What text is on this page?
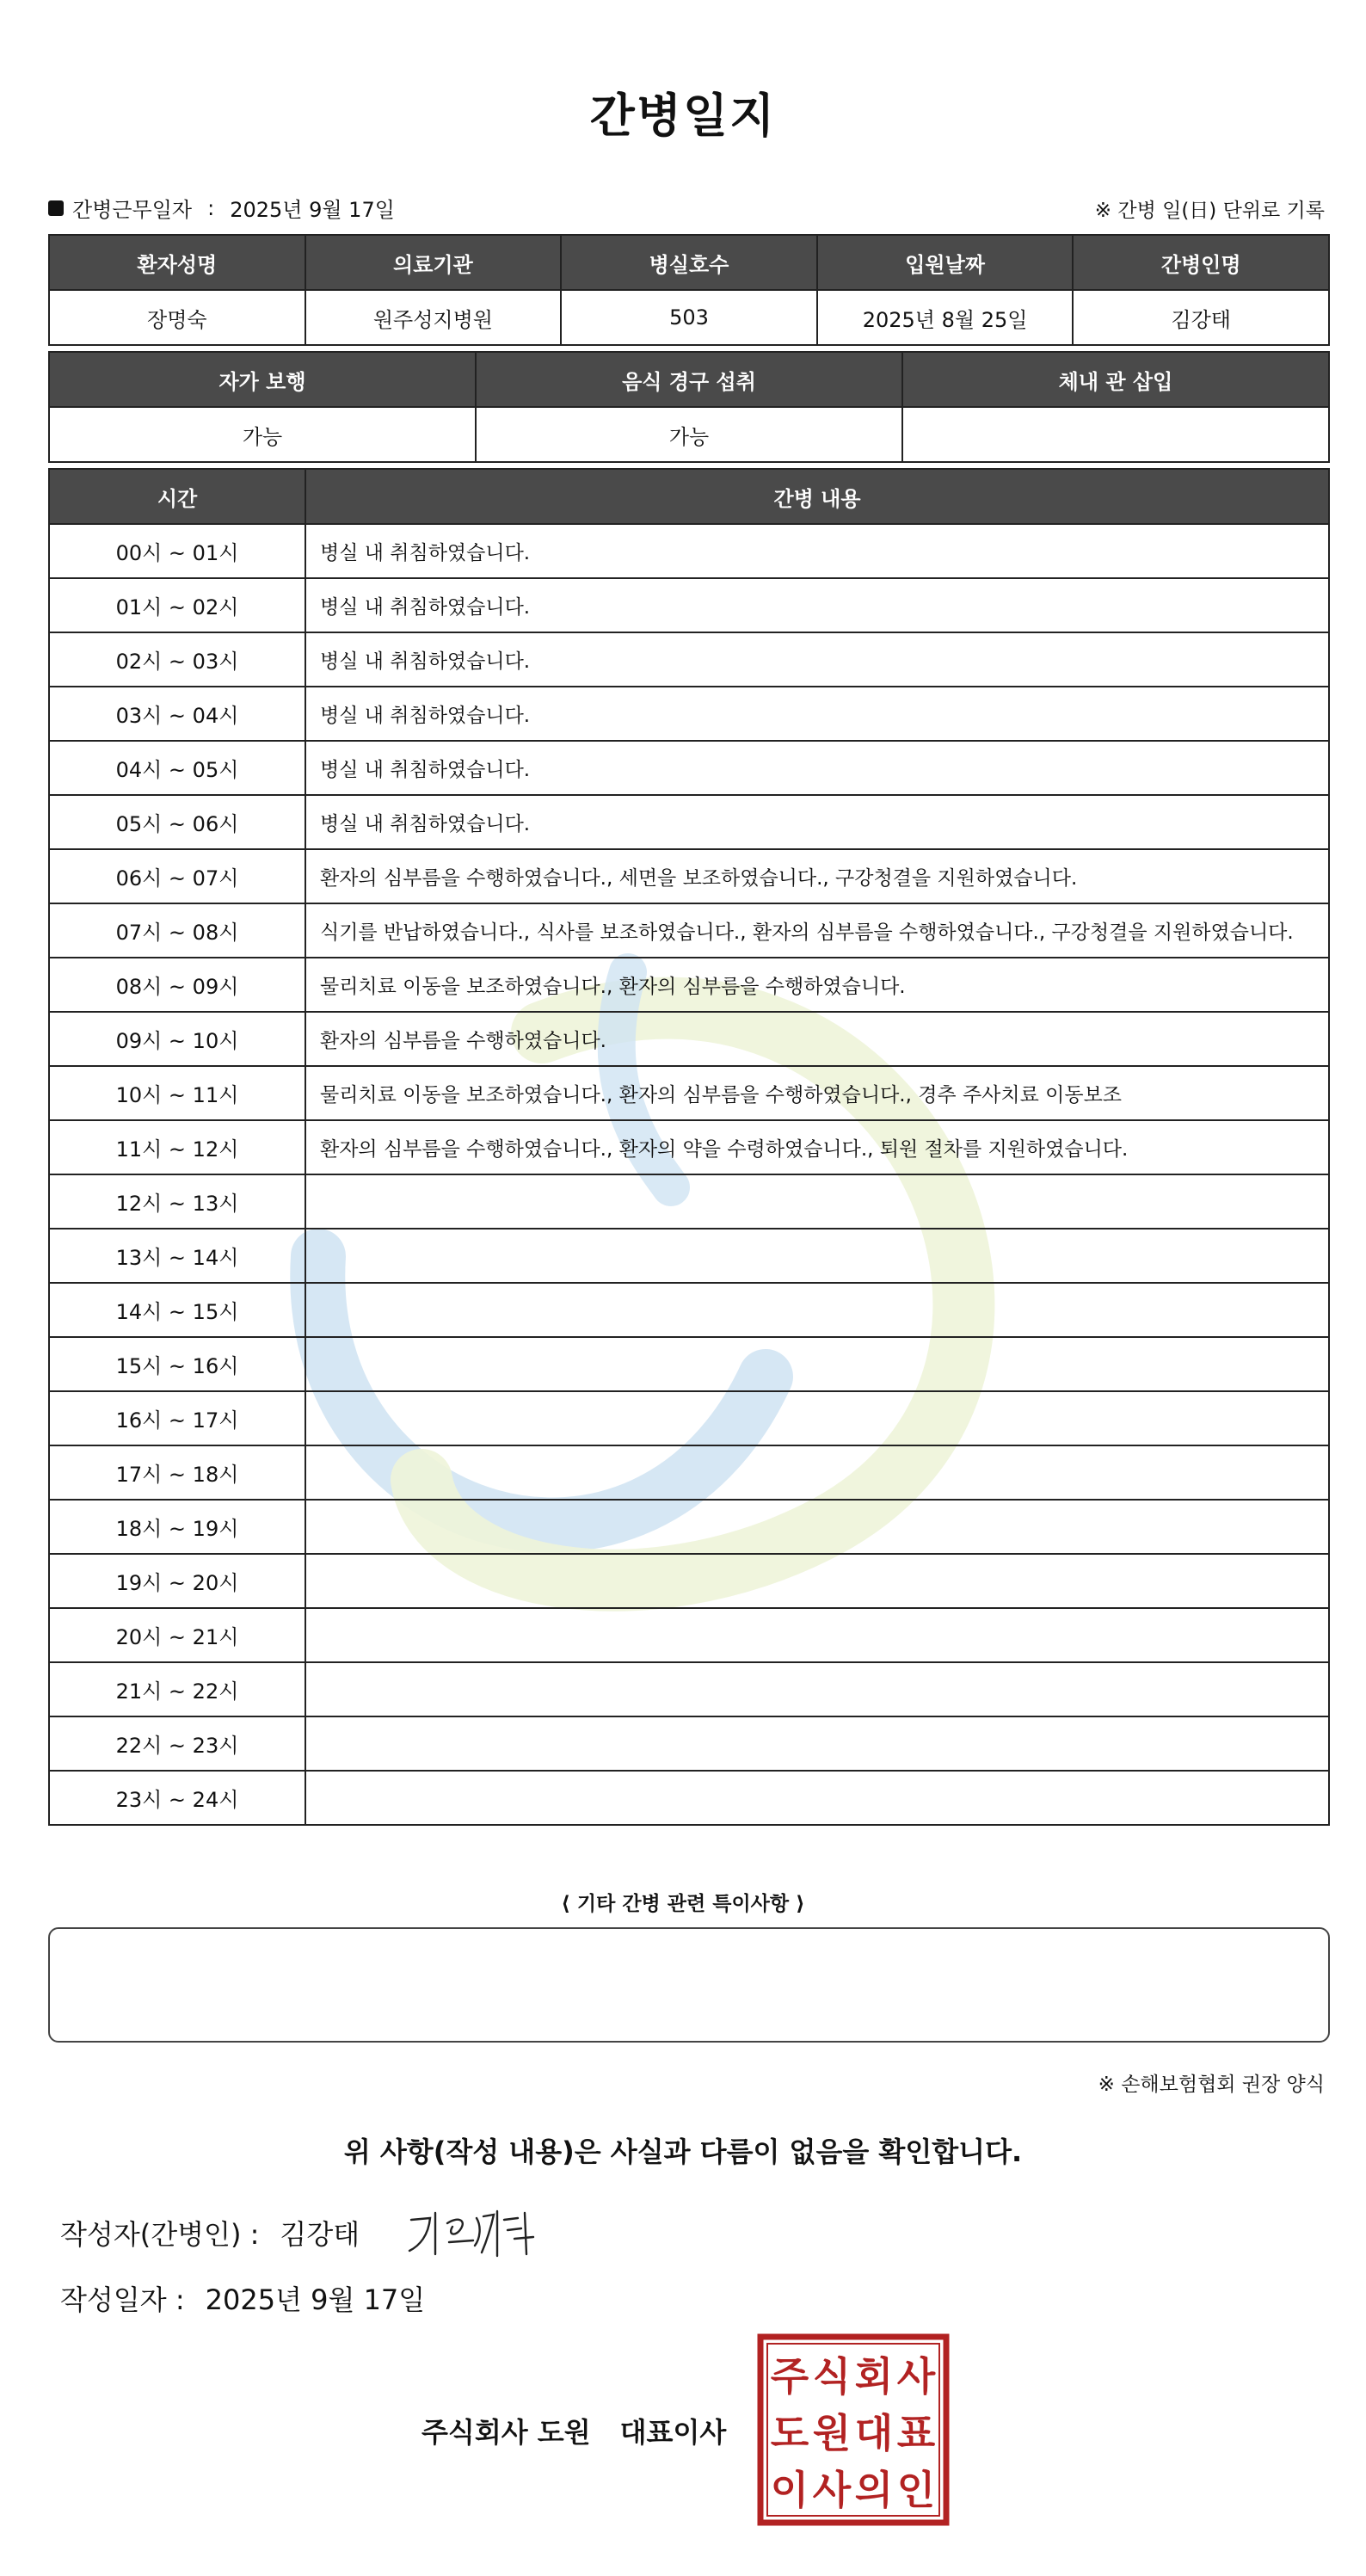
간병일지
간병근무일자 : 2025년 9월 17일	※ 간병 일(日) 단위로 기록
환자성명	의료기관	병실호수	입원날짜	간병인명
장명숙	원주성지병원	503	2025년 8월 25일	김강태
자가 보행	음식 경구 섭취	체내 관 삽입
가능	가능	
시간	간병 내용
00시 ~ 01시	병실 내 취침하였습니다.
01시 ~ 02시	병실 내 취침하였습니다.
02시 ~ 03시	병실 내 취침하였습니다.
03시 ~ 04시	병실 내 취침하였습니다.
04시 ~ 05시	병실 내 취침하였습니다.
05시 ~ 06시	병실 내 취침하였습니다.
06시 ~ 07시	환자의 심부름을 수행하였습니다., 세면을 보조하였습니다., 구강청결을 지원하였습니다.
07시 ~ 08시	식기를 반납하였습니다., 식사를 보조하였습니다., 환자의 심부름을 수행하였습니다., 구강청결을 지원하였습니다.
08시 ~ 09시	물리치료 이동을 보조하였습니다., 환자의 심부름을 수행하였습니다.
09시 ~ 10시	환자의 심부름을 수행하였습니다.
10시 ~ 11시	물리치료 이동을 보조하였습니다., 환자의 심부름을 수행하였습니다., 경추 주사치료 이동보조
11시 ~ 12시	환자의 심부름을 수행하였습니다., 환자의 약을 수령하였습니다., 퇴원 절차를 지원하였습니다.
12시 ~ 13시	
13시 ~ 14시	
14시 ~ 15시	
15시 ~ 16시	
16시 ~ 17시	
17시 ~ 18시	
18시 ~ 19시	
19시 ~ 20시	
20시 ~ 21시	
21시 ~ 22시	
22시 ~ 23시	
23시 ~ 24시	
⟨ 기타 간병 관련 특이사항 ⟩
※ 손해보험협회 권장 양식
위 사항(작성 내용)은 사실과 다름이 없음을 확인합니다.
작성자(간병인) : 김강태
작성일자 : 2025년 9월 17일
주식회사 도원 대표이사
주 식 회 사
도 원 대 표
이 사 의 인
